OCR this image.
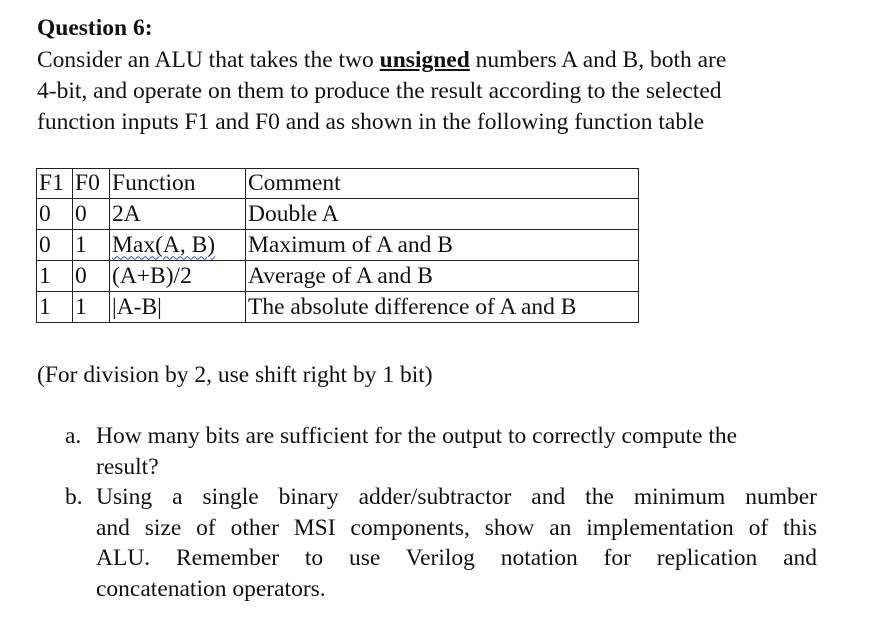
Question 6:
Consider an ALU that takes the two unsigned numbers A and B, both are
4-bit, and operate on them to produce the result according to the selected
function inputs F1 and F0 and as shown in the following function table
F1	F0	Function	Comment
0	0	2A	Double A
0	1	Max(A, B)	Maximum of A and B
1	0	(A+B)/2	Average of A and B
1	1	|A-B|	The absolute difference of A and B
(For division by 2, use shift right by 1 bit)
a. How many bits are sufficient for the output to correctly compute the
result?
b. Using a single binary adder/subtractor and the minimum number
and size of other MSI components, show an implementation of this
ALU. Remember to use Verilog notation for replication and
concatenation operators.
